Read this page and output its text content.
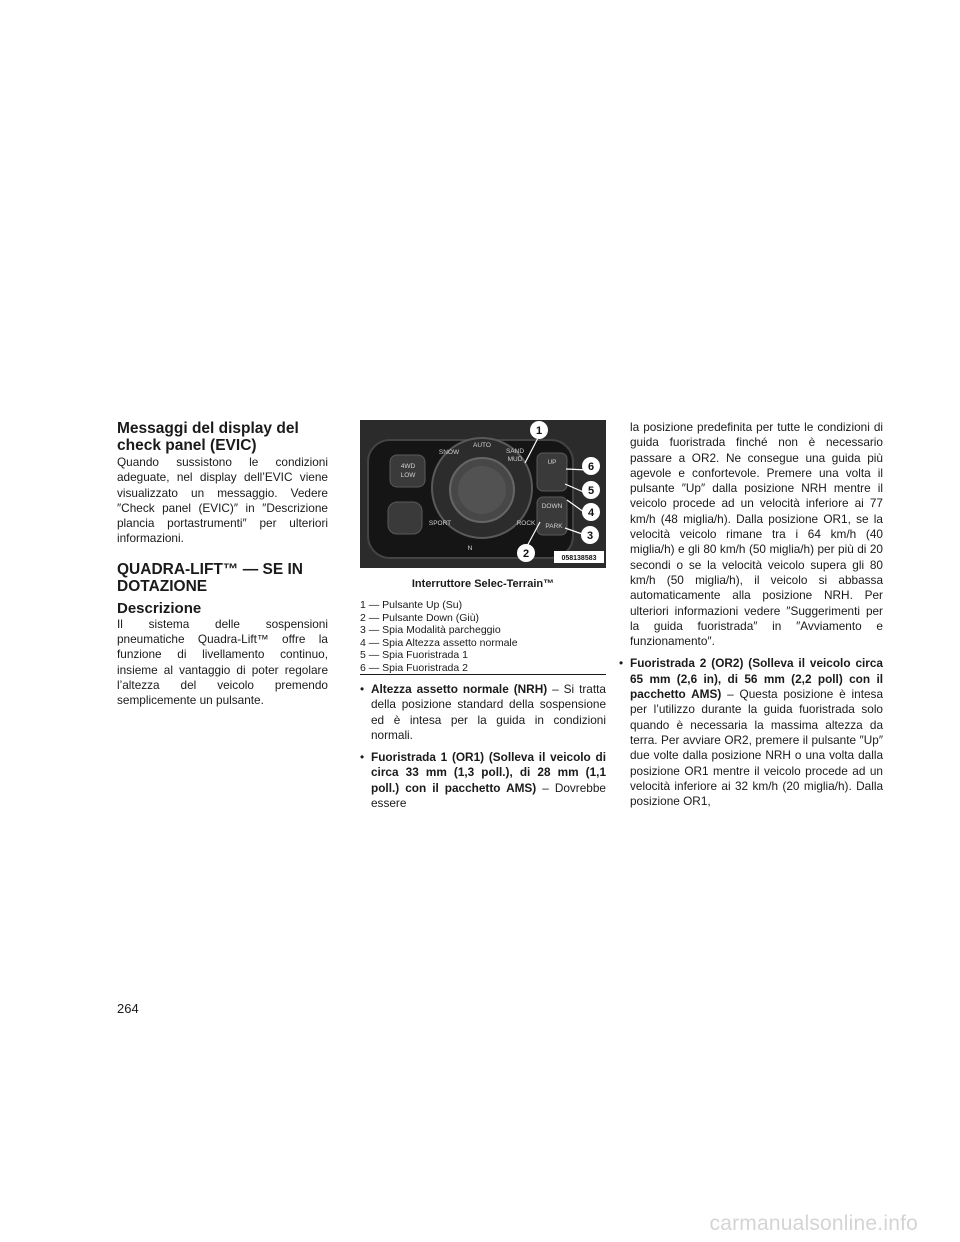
Messaggi del display del check panel (EVIC)

Quando sussistono le condizioni adeguate, nel display dell’EVIC viene visualizzato un messaggio. Vedere ″Check panel (EVIC)″ in ″Descrizione plancia portastrumenti″ per ulteriori informazioni.

QUADRA-LIFT™ — SE IN DOTAZIONE
Descrizione

Il sistema delle sospensioni pneumatiche Quadra-Lift™ offre la funzione di livellamento continuo, insieme al vantaggio di poter regolare l’altezza del veicolo premendo semplicemente un pulsante.

4WD
LOW
SNOW
AUTO
SAND
MUD
SPORT	ROCK
UP
DOWN
PARK
N
1
2
3
4
5
6
058138583
Interruttore Selec-Terrain™
1 — Pulsante Up (Su)
2 — Pulsante Down (Giù)
3 — Spia Modalità parcheggio
4 — Spia Altezza assetto normale
5 — Spia Fuoristrada 1
6 — Spia Fuoristrada 2
• Altezza assetto normale (NRH) – Si tratta della posizione standard della sospensione ed è intesa per la guida in condizioni normali.
• Fuoristrada 1 (OR1) (Solleva il veicolo di circa 33 mm (1,3 poll.), di 28 mm (1,1 poll.) con il pacchetto AMS) – Dovrebbe essere
la posizione predefinita per tutte le condizioni di guida fuoristrada finché non è necessario passare a OR2. Ne consegue una guida più agevole e confortevole. Premere una volta il pulsante ″Up″ dalla posizione NRH mentre il veicolo procede ad un velocità inferiore ai 77 km/h (48 miglia/h). Dalla posizione OR1, se la velocità veicolo rimane tra i 64 km/h (40 miglia/h) e gli 80 km/h (50 miglia/h) per più di 20 secondi o se la velocità veicolo supera gli 80 km/h (50 miglia/h), il veicolo si abbassa automaticamente alla posizione NRH. Per ulteriori informazioni vedere ″Suggerimenti per la guida fuoristrada″ in ″Avviamento e funzionamento″.
• Fuoristrada 2 (OR2) (Solleva il veicolo circa 65 mm (2,6 in), di 56 mm (2,2 poll) con il pacchetto AMS) – Questa posizione è intesa per l’utilizzo durante la guida fuoristrada solo quando è necessaria la massima altezza da terra. Per avviare OR2, premere il pulsante ″Up″ due volte dalla posizione NRH o una volta dalla posizione OR1 mentre il veicolo procede ad un velocità inferiore ai 32 km/h (20 miglia/h). Dalla posizione OR1,
264
carmanualsonline.info
